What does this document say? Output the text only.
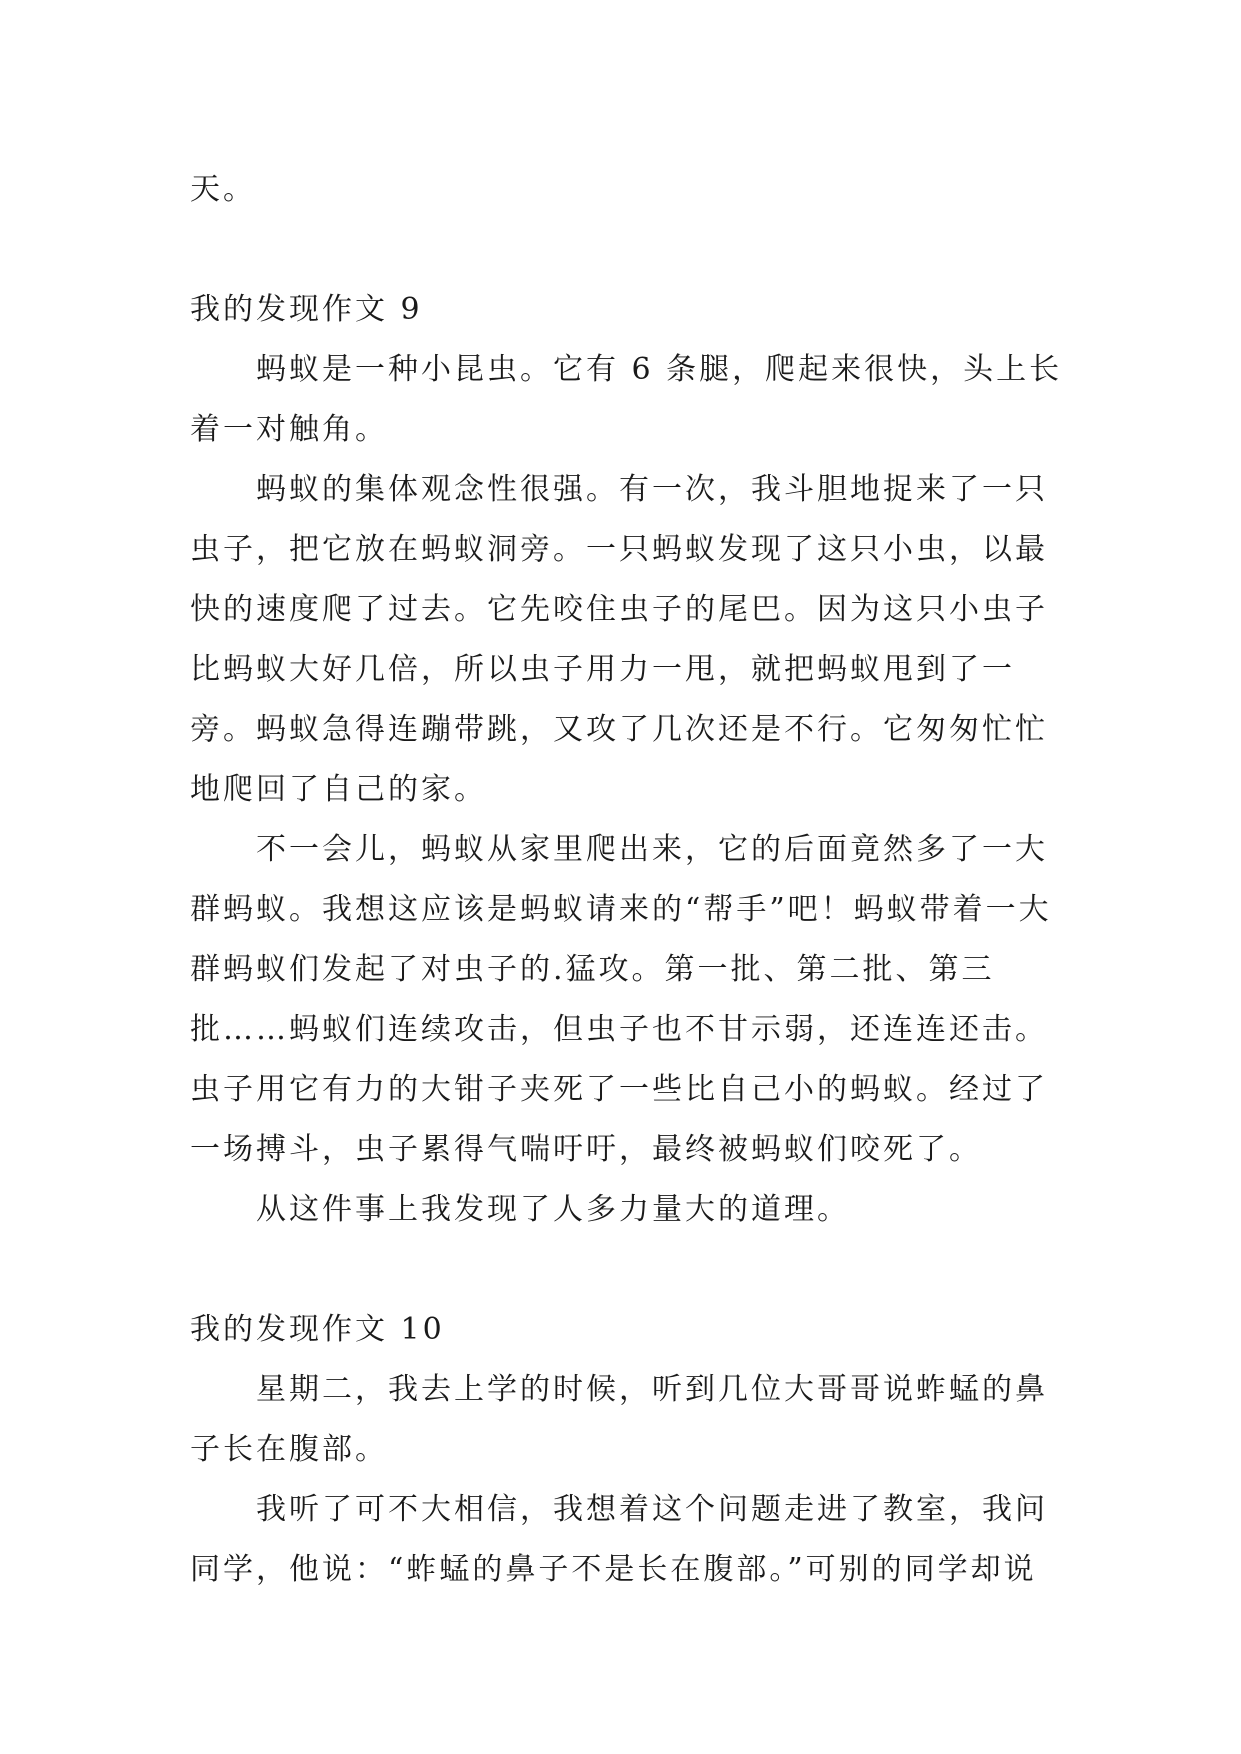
天。

我的发现作文 9

蚂蚁是一种小昆虫。它有 6 条腿，爬起来很快，头上长着一对触角。

蚂蚁的集体观念性很强。有一次，我斗胆地捉来了一只虫子，把它放在蚂蚁洞旁。一只蚂蚁发现了这只小虫，以最快的速度爬了过去。它先咬住虫子的尾巴。因为这只小虫子比蚂蚁大好几倍，所以虫子用力一甩，就把蚂蚁甩到了一旁。蚂蚁急得连蹦带跳，又攻了几次还是不行。它匆匆忙忙地爬回了自己的家。

不一会儿，蚂蚁从家里爬出来，它的后面竟然多了一大群蚂蚁。我想这应该是蚂蚁请来的“帮手”吧！蚂蚁带着一大群蚂蚁们发起了对虫子的.猛攻。第一批、第二批、第三批……蚂蚁们连续攻击，但虫子也不甘示弱，还连连还击。虫子用它有力的大钳子夹死了一些比自己小的蚂蚁。经过了一场搏斗，虫子累得气喘吁吁，最终被蚂蚁们咬死了。

从这件事上我发现了人多力量大的道理。

我的发现作文 10

星期二，我去上学的时候，听到几位大哥哥说蚱蜢的鼻子长在腹部。

我听了可不大相信，我想着这个问题走进了教室，我问同学，他说：“蚱蜢的鼻子不是长在腹部。”可别的同学却说
